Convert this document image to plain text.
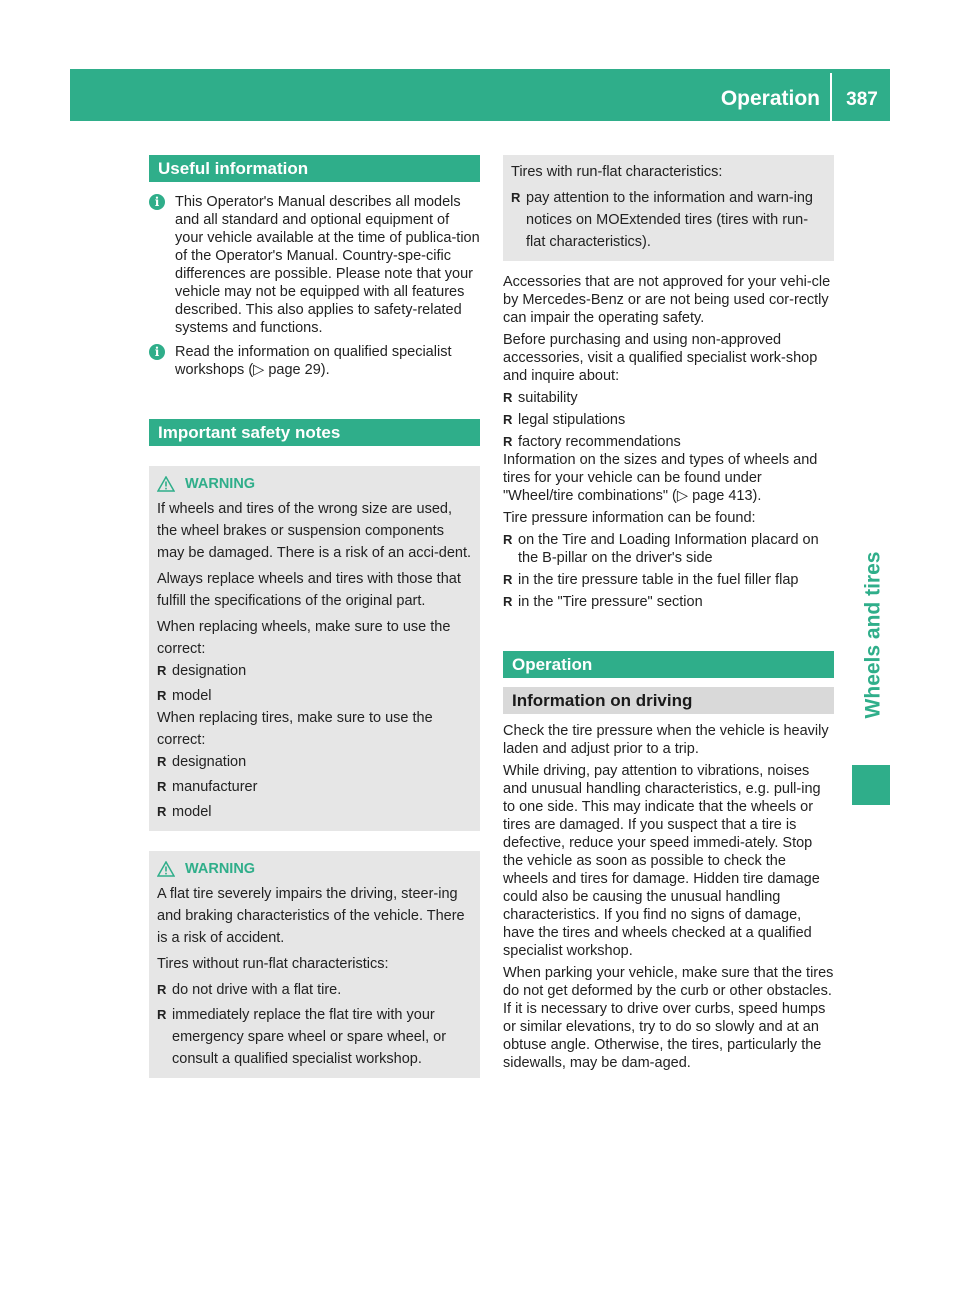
Operation	387
Wheels and tires
Useful information
i	This Operator's Manual describes all models and all standard and optional equipment of your vehicle available at the time of publica-tion of the Operator's Manual. Country-spe-cific differences are possible. Please note that your vehicle may not be equipped with all features described. This also applies to safety-related systems and functions.

i	Read the information on qualified specialist workshops (▷ page 29).

Important safety notes
WARNING

If wheels and tires of the wrong size are used, the wheel brakes or suspension components may be damaged. There is a risk of an acci-dent.

Always replace wheels and tires with those that fulfill the specifications of the original part.

When replacing wheels, make sure to use the correct:

R designation
R model

When replacing tires, make sure to use the correct:

R designation
R manufacturer
R model
WARNING

A flat tire severely impairs the driving, steer-ing and braking characteristics of the vehicle. There is a risk of accident.

Tires without run-flat characteristics:

R do not drive with a flat tire.
R immediately replace the flat tire with your emergency spare wheel or spare wheel, or consult a qualified specialist workshop.

Tires with run-flat characteristics:

R pay attention to the information and warn-ing notices on MOExtended tires (tires with run-flat characteristics).

Accessories that are not approved for your vehi-cle by Mercedes-Benz or are not being used cor-rectly can impair the operating safety.

Before purchasing and using non-approved accessories, visit a qualified specialist work-shop and inquire about:

R suitability
R legal stipulations
R factory recommendations

Information on the sizes and types of wheels and tires for your vehicle can be found under "Wheel/tire combinations" (▷ page 413).

Tire pressure information can be found:

R on the Tire and Loading Information placard on the B-pillar on the driver's side
R in the tire pressure table in the fuel filler flap
R in the "Tire pressure" section
Operation
Information on driving

Check the tire pressure when the vehicle is heavily laden and adjust prior to a trip.

While driving, pay attention to vibrations, noises and unusual handling characteristics, e.g. pull-ing to one side. This may indicate that the wheels or tires are damaged. If you suspect that a tire is defective, reduce your speed immedi-ately. Stop the vehicle as soon as possible to check the wheels and tires for damage. Hidden tire damage could also be causing the unusual handling characteristics. If you find no signs of damage, have the tires and wheels checked at a qualified specialist workshop.

When parking your vehicle, make sure that the tires do not get deformed by the curb or other obstacles. If it is necessary to drive over curbs, speed humps or similar elevations, try to do so slowly and at an obtuse angle. Otherwise, the tires, particularly the sidewalls, may be dam-aged.
